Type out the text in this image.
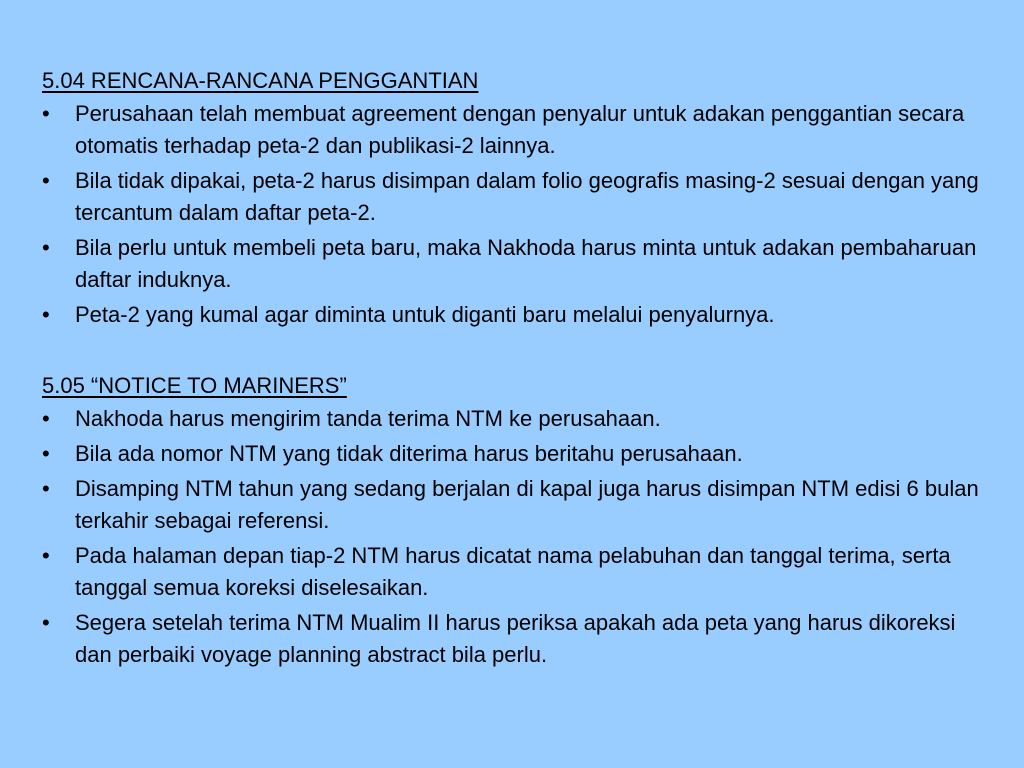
5.04 RENCANA-RANCANA PENGGANTIAN
• Perusahaan telah membuat agreement dengan penyalur untuk adakan penggantian secara otomatis terhadap peta-2 dan publikasi-2 lainnya.
• Bila tidak dipakai, peta-2 harus disimpan dalam folio geografis masing-2 sesuai dengan yang tercantum dalam daftar peta-2.
• Bila perlu untuk membeli peta baru, maka Nakhoda harus minta untuk adakan pembaharuan daftar induknya.
• Peta-2 yang kumal agar diminta untuk diganti baru melalui penyalurnya.
5.05 “NOTICE TO MARINERS”
• Nakhoda harus mengirim tanda terima NTM ke perusahaan.
• Bila ada nomor NTM yang tidak diterima harus beritahu perusahaan.
• Disamping NTM tahun yang sedang berjalan di kapal juga harus disimpan NTM edisi 6 bulan terkahir sebagai referensi.
• Pada halaman depan tiap-2 NTM harus dicatat nama pelabuhan dan tanggal terima, serta tanggal semua koreksi diselesaikan.
• Segera setelah terima NTM Mualim II harus periksa apakah ada peta yang harus dikoreksi dan perbaiki voyage planning abstract bila perlu.
